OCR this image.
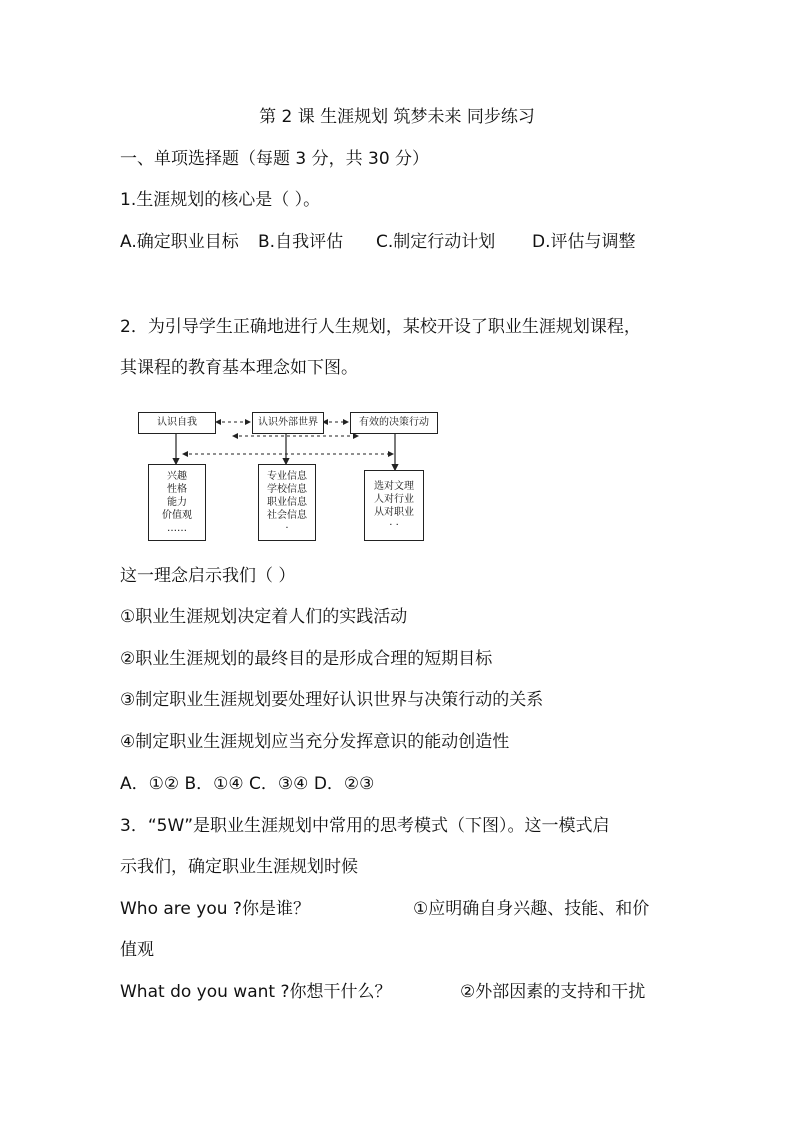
第 2 课 生涯规划 筑梦未来 同步练习
一、单项选择题（每题 3 分，共 30 分）
1.生涯规划的核心是（ ）。
A.确定职业目标 B.自我评估 C.制定行动计划 D.评估与调整
2．为引导学生正确地进行人生规划，某校开设了职业生涯规划课程，
其课程的教育基本理念如下图。
认识自我	认识外部世界	有效的决策行动
兴趣
性格
能力
价值观
……
专业信息
学校信息
职业信息
社会信息
·
选对文理
人对行业
从对职业
· ·
这一理念启示我们（ ）
①职业生涯规划决定着人们的实践活动
②职业生涯规划的最终目的是形成合理的短期目标
③制定职业生涯规划要处理好认识世界与决策行动的关系
④制定职业生涯规划应当充分发挥意识的能动创造性
A．①② B．①④ C．③④ D．②③
3．“5W”是职业生涯规划中常用的思考模式（下图）。这一模式启
示我们，确定职业生涯规划时候
Who are you ?你是谁？	①应明确自身兴趣、技能、和价
值观
What do you want ?你想干什么？	②外部因素的支持和干扰
